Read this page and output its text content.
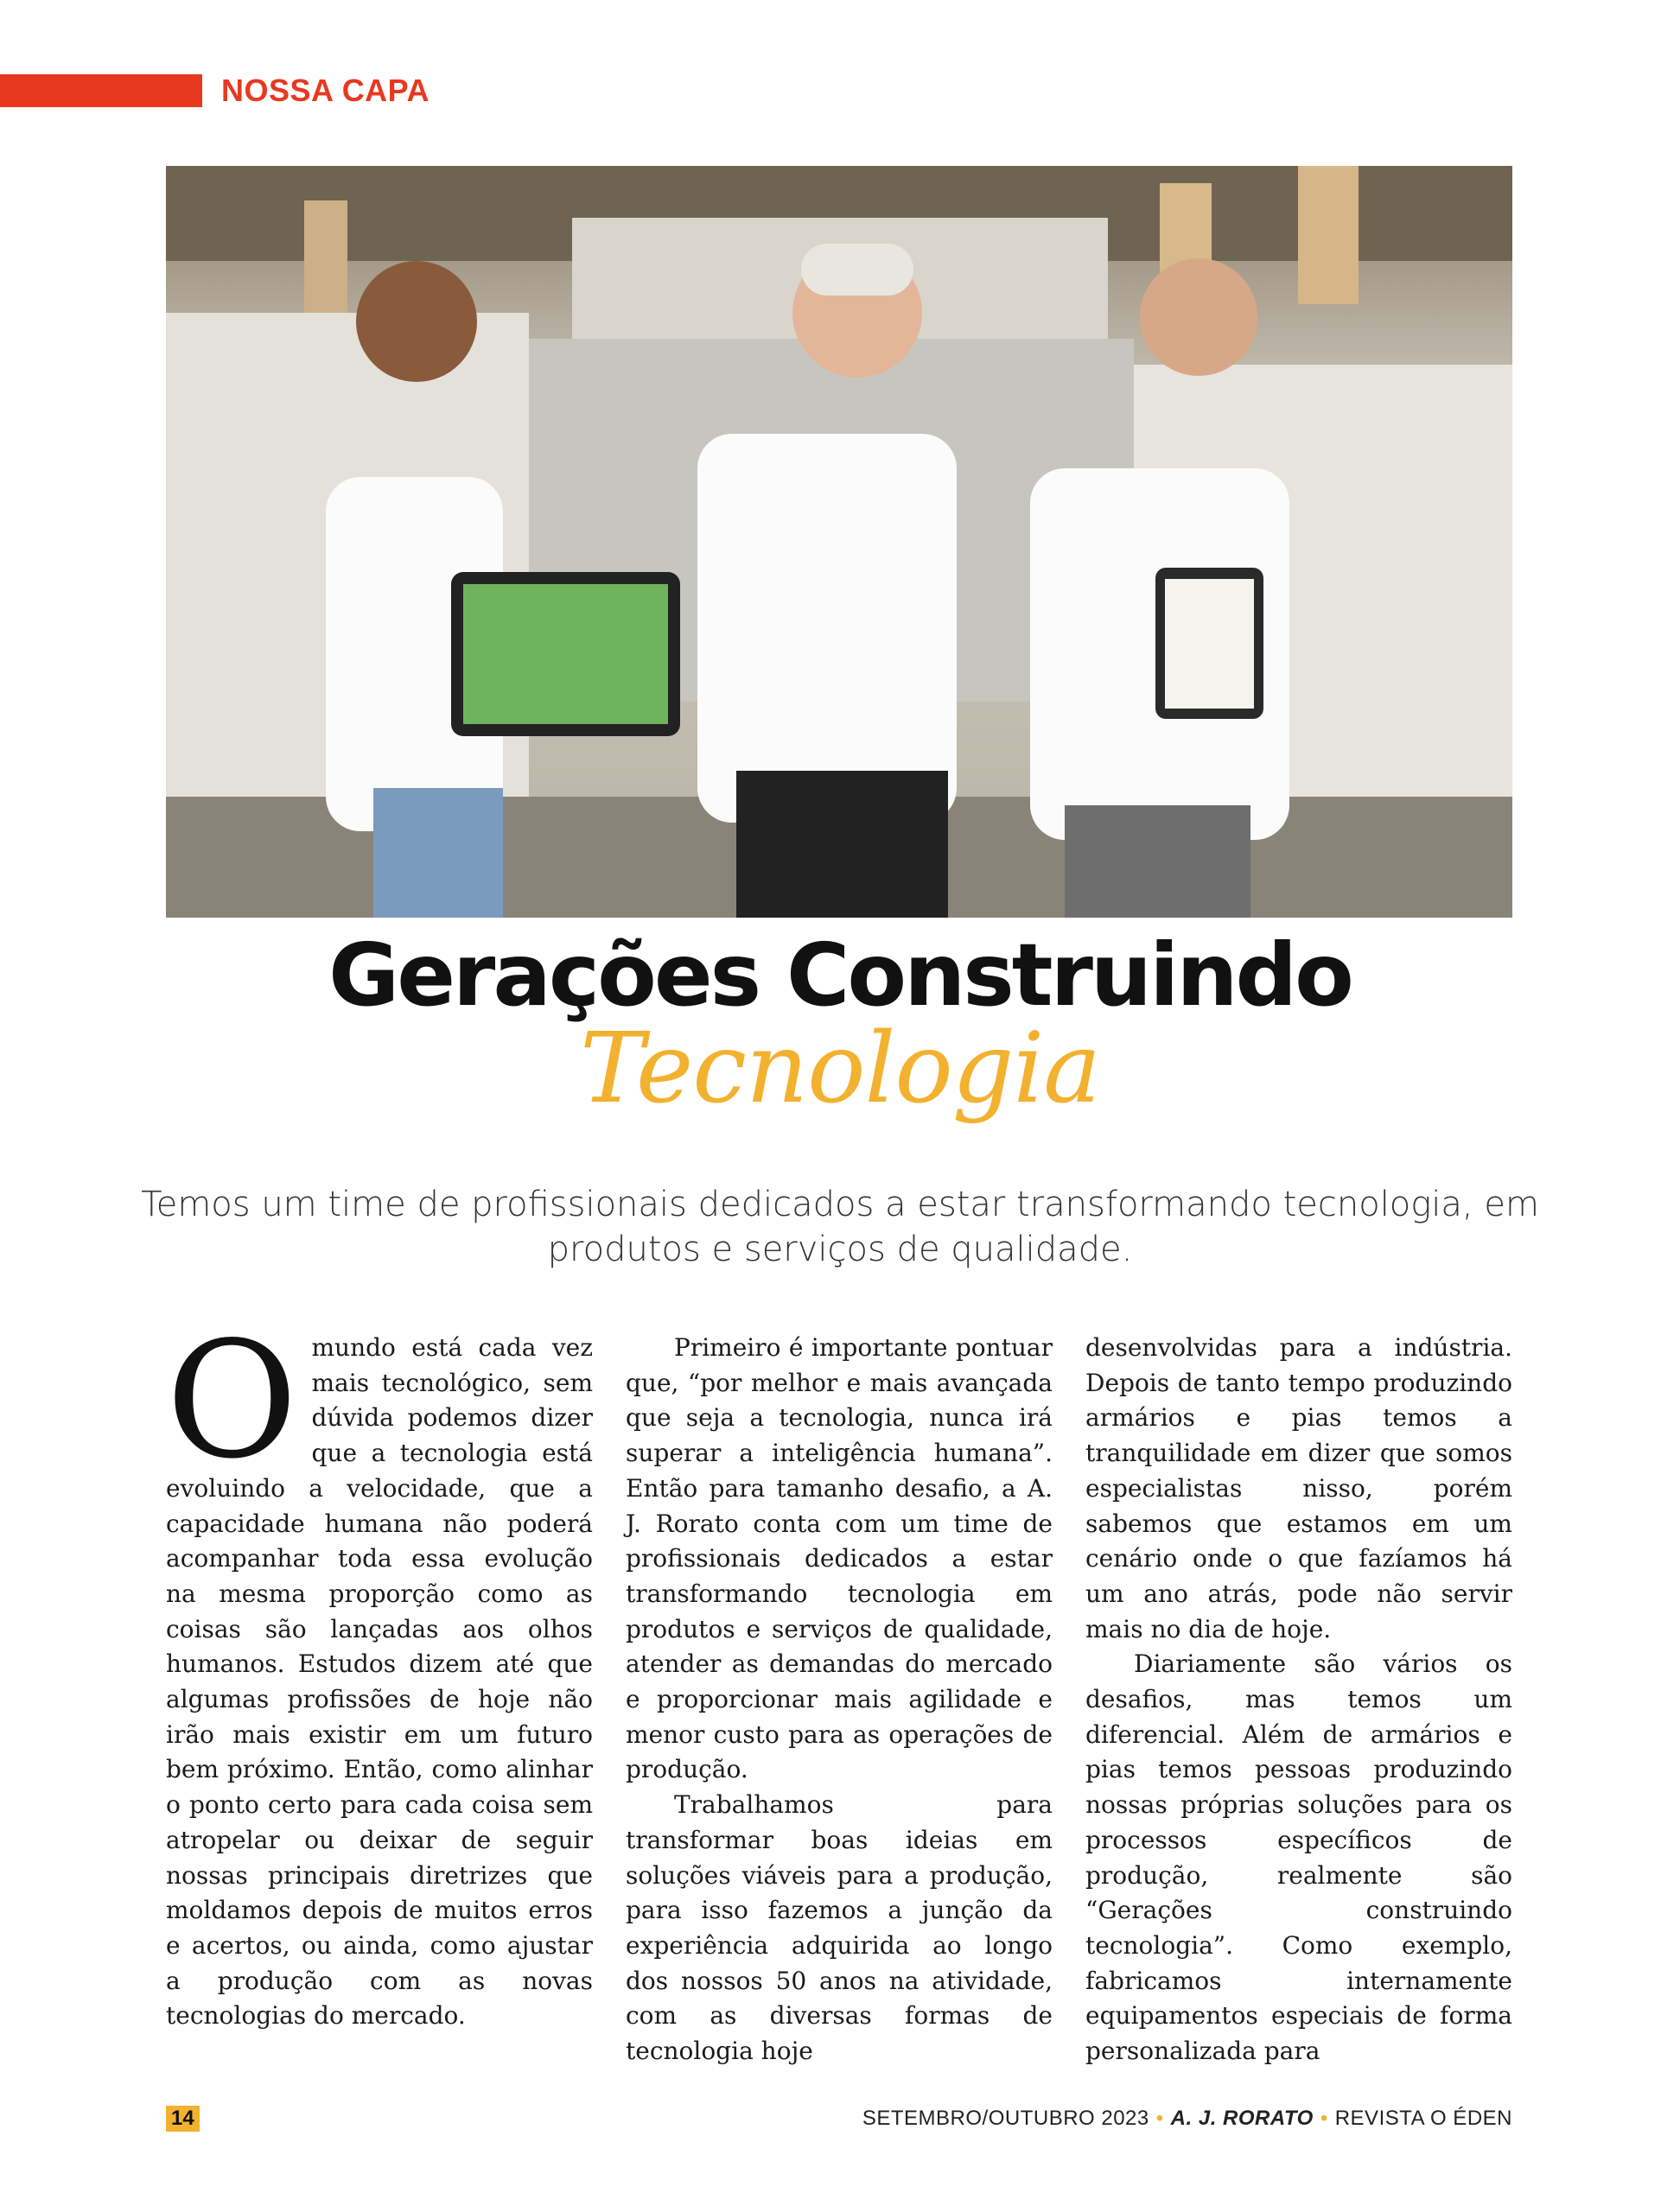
NOSSA CAPA
Gerações Construindo
Tecnologia
Temos um time de profissionais dedicados a estar transformando tecnologia, em produtos e serviços de qualidade.
O mundo está cada vez mais tecnológico, sem dúvida podemos dizer que a tecnologia está evoluindo a velocidade, que a capacidade humana não poderá acompanhar toda essa evolução na mesma proporção como as coisas são lançadas aos olhos humanos. Estudos dizem até que algumas profissões de hoje não irão mais existir em um futuro bem próximo. Então, como alinhar o ponto certo para cada coisa sem atropelar ou deixar de seguir nossas principais diretrizes que moldamos depois de muitos erros e acertos, ou ainda, como ajustar a produção com as novas tecnologias do mercado.

Primeiro é importante pontuar que, “por melhor e mais avançada que seja a tecnologia, nunca irá superar a inteligência humana”. Então para tamanho desafio, a A. J. Rorato conta com um time de profissionais dedicados a estar transformando tecnologia em produtos e serviços de qualidade, atender as demandas do mercado e proporcionar mais agilidade e menor custo para as operações de produção.

Trabalhamos para transformar boas ideias em soluções viáveis para a produção, para isso fazemos a junção da experiência adquirida ao longo dos nossos 50 anos na atividade, com as diversas formas de tecnologia hoje

desenvolvidas para a indústria. Depois de tanto tempo produzindo armários e pias temos a tranquilidade em dizer que somos especialistas nisso, porém sabemos que estamos em um cenário onde o que fazíamos há um ano atrás, pode não servir mais no dia de hoje.

Diariamente são vários os desafios, mas temos um diferencial. Além de armários e pias temos pessoas produzindo nossas próprias soluções para os processos específicos de produção, realmente são “Gerações construindo tecnologia”. Como exemplo, fabricamos internamente equipamentos especiais de forma personalizada para

14	SETEMBRO/OUTUBRO 2023 • A. J. RORATO • REVISTA O ÉDEN
